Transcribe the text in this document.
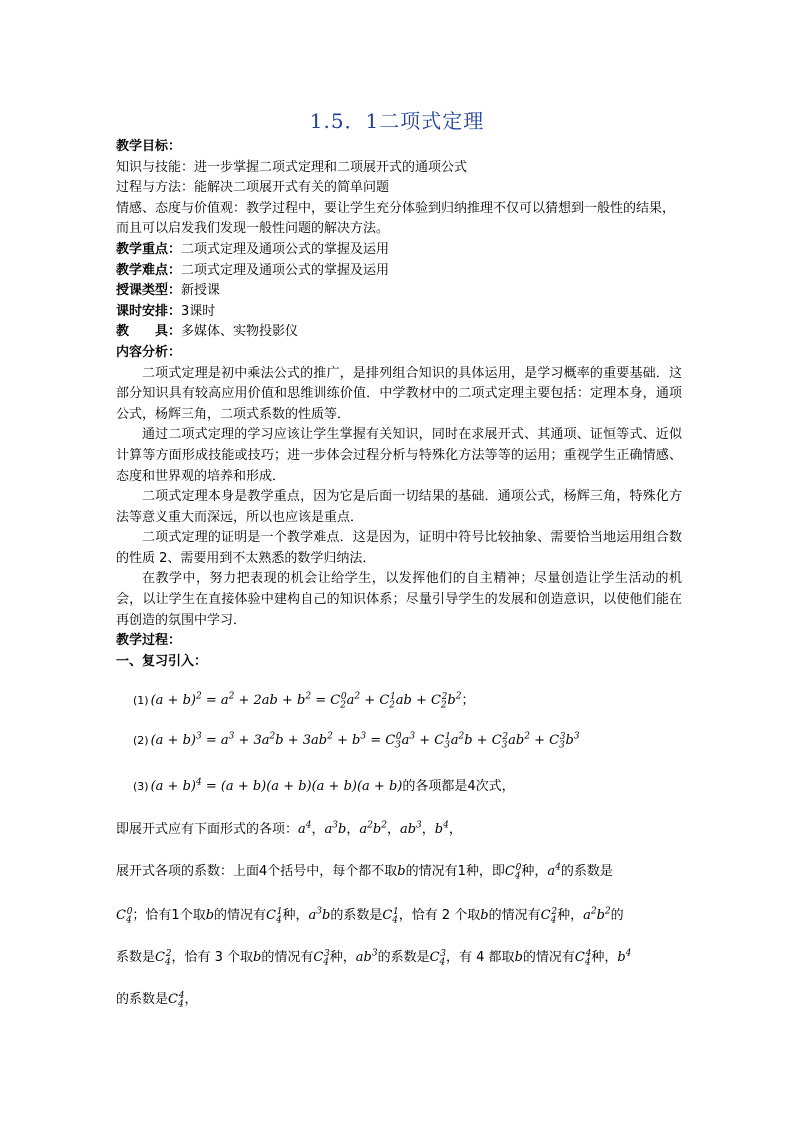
1.5．1二项式定理
教学目标：
知识与技能：进一步掌握二项式定理和二项展开式的通项公式
过程与方法：能解决二项展开式有关的简单问题
情感、态度与价值观：教学过程中，要让学生充分体验到归纳推理不仅可以猜想到一般性的结果，而且可以启发我们发现一般性问题的解决方法。
教学重点：二项式定理及通项公式的掌握及运用
教学难点：二项式定理及通项公式的掌握及运用
授课类型：新授课
课时安排：3课时
教　　具：多媒体、实物投影仪
内容分析：
二项式定理是初中乘法公式的推广，是排列组合知识的具体运用，是学习概率的重要基础．这部分知识具有较高应用价值和思维训练价值．中学教材中的二项式定理主要包括：定理本身，通项公式，杨辉三角，二项式系数的性质等．
通过二项式定理的学习应该让学生掌握有关知识，同时在求展开式、其通项、证恒等式、近似计算等方面形成技能或技巧；进一步体会过程分析与特殊化方法等等的运用；重视学生正确情感、态度和世界观的培养和形成．
二项式定理本身是教学重点，因为它是后面一切结果的基础．通项公式，杨辉三角，特殊化方法等意义重大而深远，所以也应该是重点．
二项式定理的证明是一个教学难点．这是因为，证明中符号比较抽象、需要恰当地运用组合数的性质 2、需要用到不太熟悉的数学归纳法．
在教学中，努力把表现的机会让给学生，以发挥他们的自主精神；尽量创造让学生活动的机会，以让学生在直接体验中建构自己的知识体系；尽量引导学生的发展和创造意识，以使他们能在再创造的氛围中学习．
教学过程：
一、复习引入：
(1) $(a + b)^2 = a^2 + 2ab + b^2 = C_2^0a^2 + C_2^1ab + C_2^2b^2$；
(2) $(a + b)^3 = a^3 + 3a^2b + 3ab^2 + b^3 = C_3^0a^3 + C_3^1a^2b + C_3^2ab^2 + C_3^3b^3$
(3) $(a + b)^4 = (a + b)(a + b)(a + b)(a + b)$的各项都是4次式，
即展开式应有下面形式的各项：$a^4$，$a^3b$，$a^2b^2$，$ab^3$，$b^4$，
展开式各项的系数：上面4个括号中，每个都不取b的情况有1种，即$C_4^0$种，$a^4$的系数是
$C_4^0$；恰有1个取b的情况有$C_4^1$种，$a^3b$的系数是$C_4^1$，恰有 2 个取b的情况有$C_4^2$种，$a^2b^2$的
系数是$C_4^2$，恰有 3 个取b的情况有$C_4^3$种，$ab^3$的系数是$C_4^3$，有 4 都取b的情况有$C_4^4$种，$b^4$
的系数是$C_4^4$，
